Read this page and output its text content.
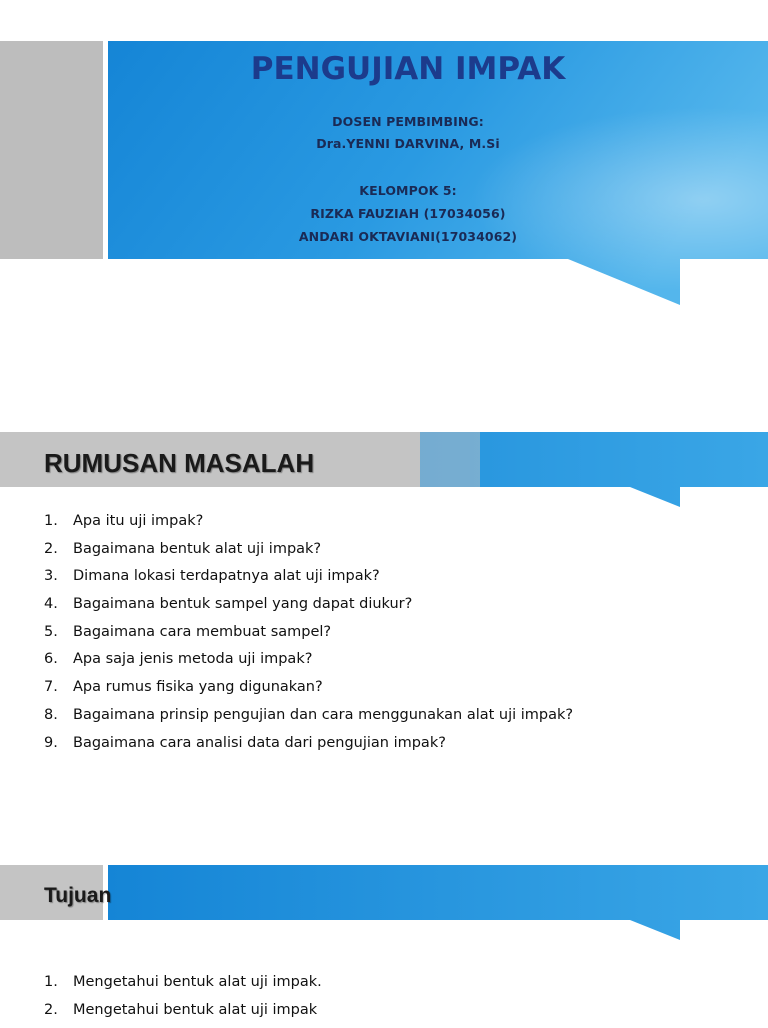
PENGUJIAN IMPAK

DOSEN PEMBIMBING:

Dra.YENNI DARVINA, M.Si

KELOMPOK 5:

RIZKA FAUZIAH (17034056)

ANDARI OKTAVIANI(17034062)

RUMUSAN MASALAH
1.	Apa itu uji impak?
2.	Bagaimana bentuk alat uji impak?
3.	Dimana lokasi terdapatnya alat uji impak?
4.	Bagaimana bentuk sampel yang dapat diukur?
5.	Bagaimana cara membuat sampel?
6.	Apa saja jenis metoda uji impak?
7.	Apa rumus fisika yang digunakan?
8.	Bagaimana prinsip pengujian dan cara menggunakan alat uji impak?
9.	Bagaimana cara analisi data dari pengujian impak?
Tujuan
1.	Mengetahui bentuk alat uji impak.
2.	Mengetahui bentuk alat uji impak
